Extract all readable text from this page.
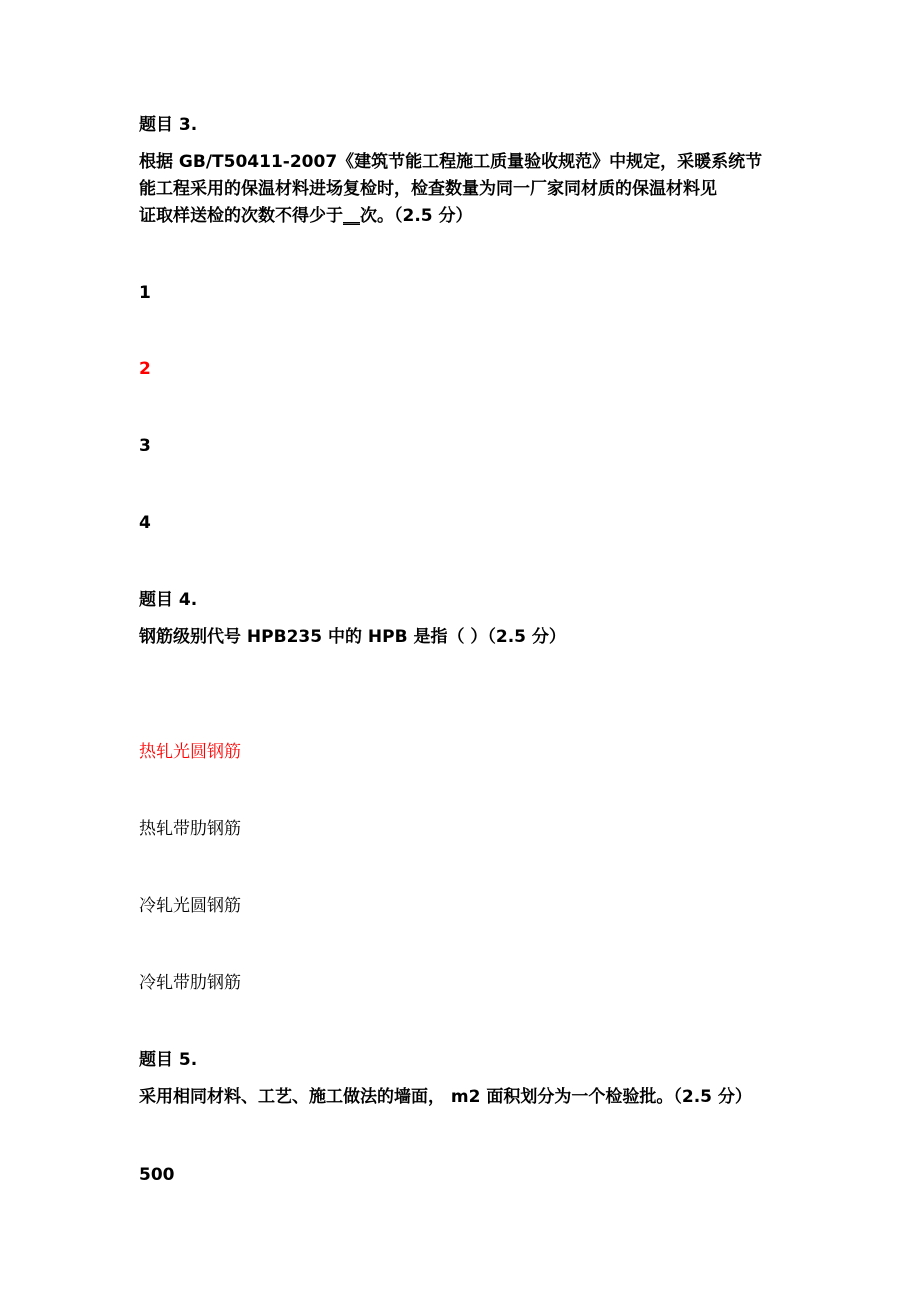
题目 3.
根据 GB/T50411-2007《建筑节能工程施工质量验收规范》中规定，采暖系统节
能工程采用的保温材料进场复检时，检查数量为同一厂家同材质的保温材料见
证取样送检的次数不得少于__次。（2.5 分）
1
2
3
4
题目 4.
钢筋级别代号 HPB235 中的 HPB 是指（ ）（2.5 分）
热轧光圆钢筋
热轧带肋钢筋
冷轧光圆钢筋
冷轧带肋钢筋
题目 5.
采用相同材料、工艺、施工做法的墙面， m2 面积划分为一个检验批。（2.5 分）
500
